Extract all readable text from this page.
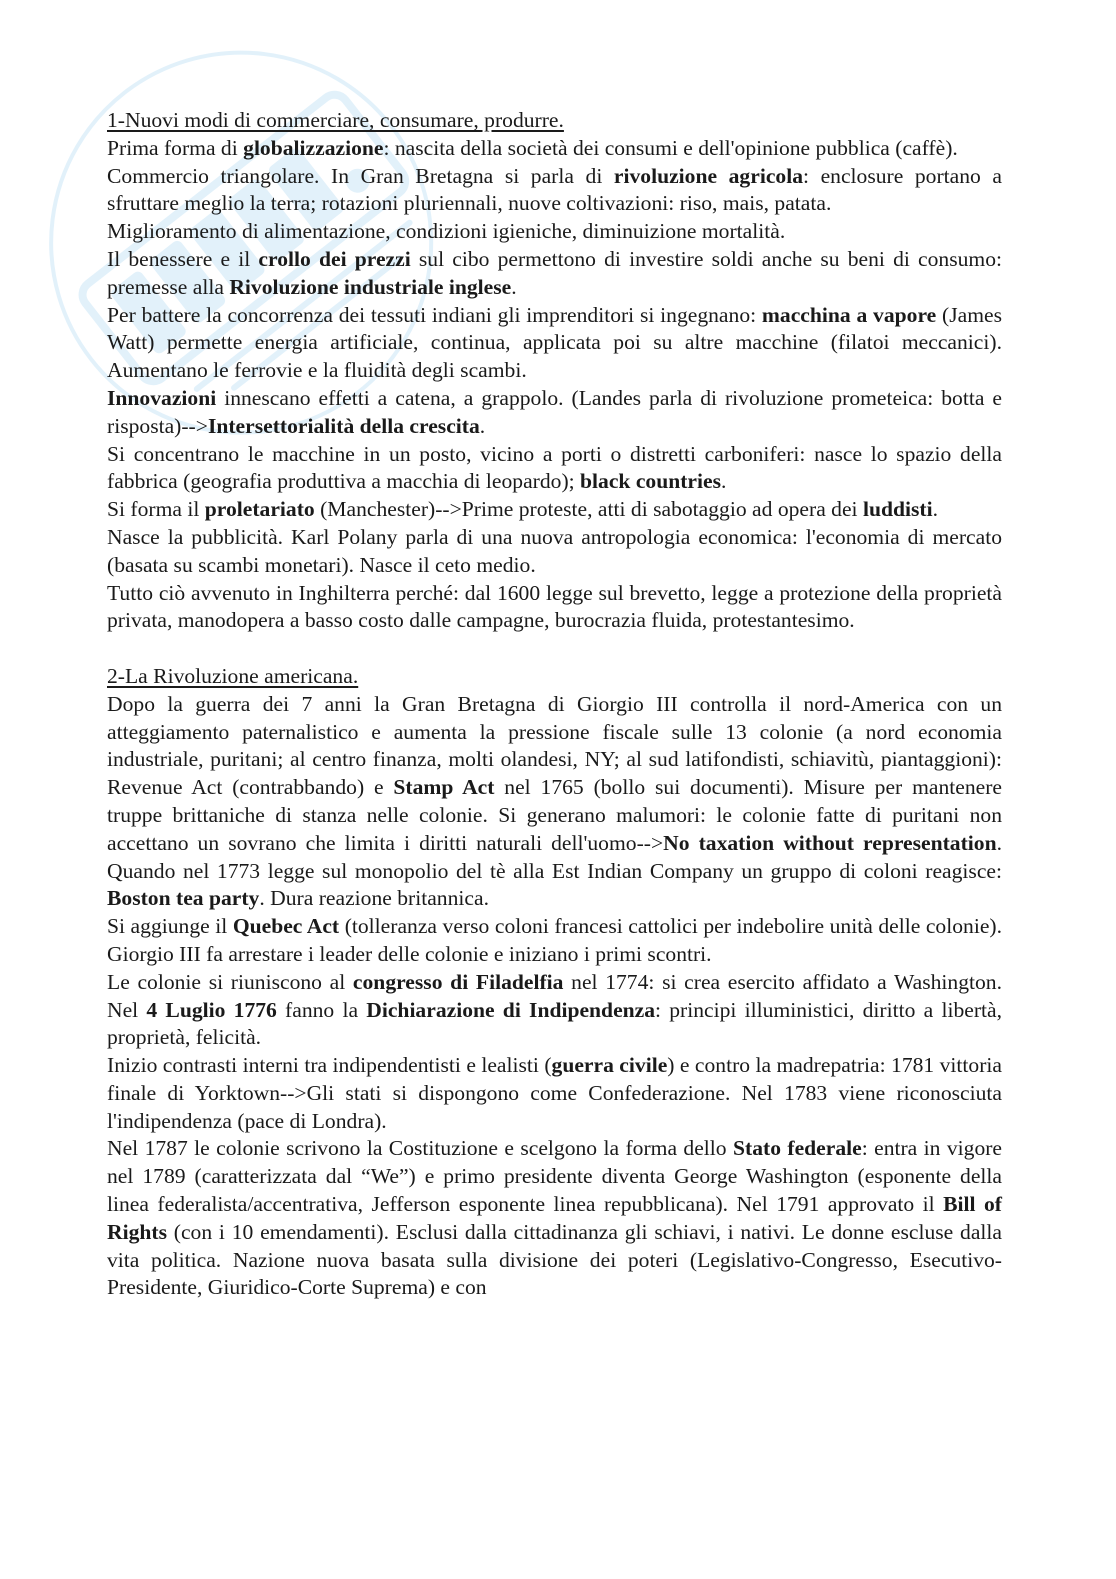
1-Nuovi modi di commerciare, consumare, produrre.

Prima forma di globalizzazione: nascita della società dei consumi e dell'opinione pubblica (caffè).

Commercio triangolare. In Gran Bretagna si parla di rivoluzione agricola: enclosure portano a sfruttare meglio la terra; rotazioni pluriennali, nuove coltivazioni: riso, mais, patata.

Miglioramento di alimentazione, condizioni igieniche, diminuizione mortalità.

Il benessere e il crollo dei prezzi sul cibo permettono di investire soldi anche su beni di consumo: premesse alla Rivoluzione industriale inglese.

Per battere la concorrenza dei tessuti indiani gli imprenditori si ingegnano: macchina a vapore (James Watt) permette energia artificiale, continua, applicata poi su altre macchine (filatoi meccanici). Aumentano le ferrovie e la fluidità degli scambi.

Innovazioni innescano effetti a catena, a grappolo. (Landes parla di rivoluzione prometeica: botta e risposta)-->Intersettorialità della crescita.

Si concentrano le macchine in un posto, vicino a porti o distretti carboniferi: nasce lo spazio della fabbrica (geografia produttiva a macchia di leopardo); black countries.

Si forma il proletariato (Manchester)-->Prime proteste, atti di sabotaggio ad opera dei luddisti.

Nasce la pubblicità. Karl Polany parla di una nuova antropologia economica: l'economia di mercato (basata su scambi monetari). Nasce il ceto medio.

Tutto ciò avvenuto in Inghilterra perché: dal 1600 legge sul brevetto, legge a protezione della proprietà privata, manodopera a basso costo dalle campagne, burocrazia fluida, protestantesimo.

2-La Rivoluzione americana.

Dopo la guerra dei 7 anni la Gran Bretagna di Giorgio III controlla il nord-America con un atteggiamento paternalistico e aumenta la pressione fiscale sulle 13 colonie (a nord economia industriale, puritani; al centro finanza, molti olandesi, NY; al sud latifondisti, schiavitù, piantaggioni): Revenue Act (contrabbando) e Stamp Act nel 1765 (bollo sui documenti). Misure per mantenere truppe brittaniche di stanza nelle colonie. Si generano malumori: le colonie fatte di puritani non accettano un sovrano che limita i diritti naturali dell'uomo-->No taxation without representation. Quando nel 1773 legge sul monopolio del tè alla Est Indian Company un gruppo di coloni reagisce: Boston tea party. Dura reazione britannica.

Si aggiunge il Quebec Act (tolleranza verso coloni francesi cattolici per indebolire unità delle colonie). Giorgio III fa arrestare i leader delle colonie e iniziano i primi scontri.

Le colonie si riuniscono al congresso di Filadelfia nel 1774: si crea esercito affidato a Washington. Nel 4 Luglio 1776 fanno la Dichiarazione di Indipendenza: principi illuministici, diritto a libertà, proprietà, felicità.

Inizio contrasti interni tra indipendentisti e lealisti (guerra civile) e contro la madrepatria: 1781 vittoria finale di Yorktown-->Gli stati si dispongono come Confederazione. Nel 1783 viene riconosciuta l'indipendenza (pace di Londra).

Nel 1787 le colonie scrivono la Costituzione e scelgono la forma dello Stato federale: entra in vigore nel 1789 (caratterizzata dal “We”) e primo presidente diventa George Washington (esponente della linea federalista/accentrativa, Jefferson esponente linea repubblicana). Nel 1791 approvato il Bill of Rights (con i 10 emendamenti). Esclusi dalla cittadinanza gli schiavi, i nativi. Le donne escluse dalla vita politica. Nazione nuova basata sulla divisione dei poteri (Legislativo-Congresso, Esecutivo-Presidente, Giuridico-Corte Suprema) e con
